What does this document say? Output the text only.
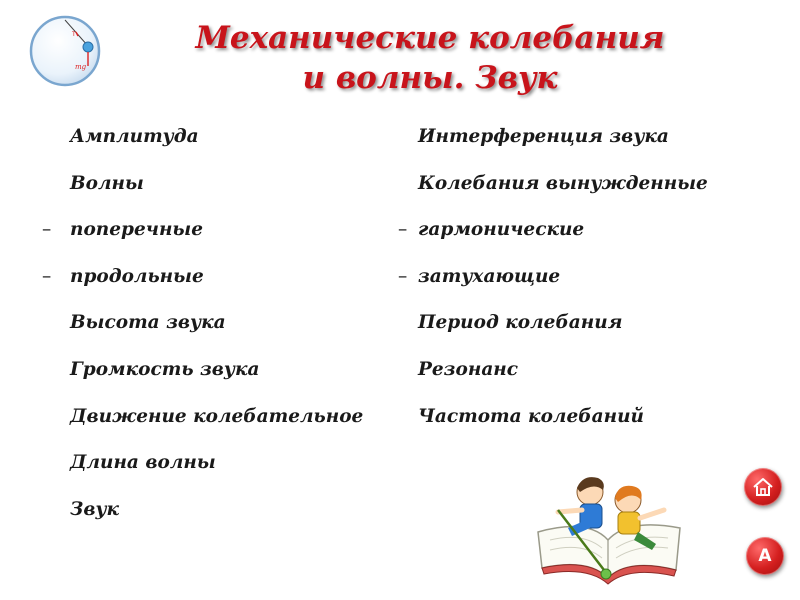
T
mg
Механические колебания
и волны. Звук
Амплитуда
Волны
– поперечные
– продольные
Высота звука
Громкость звука
Движение колебательное
Длина волны
Звук
Интерференция звука
Колебания вынужденные
– гармонические
– затухающие
Период колебания
Резонанс
Частота колебаний
A
